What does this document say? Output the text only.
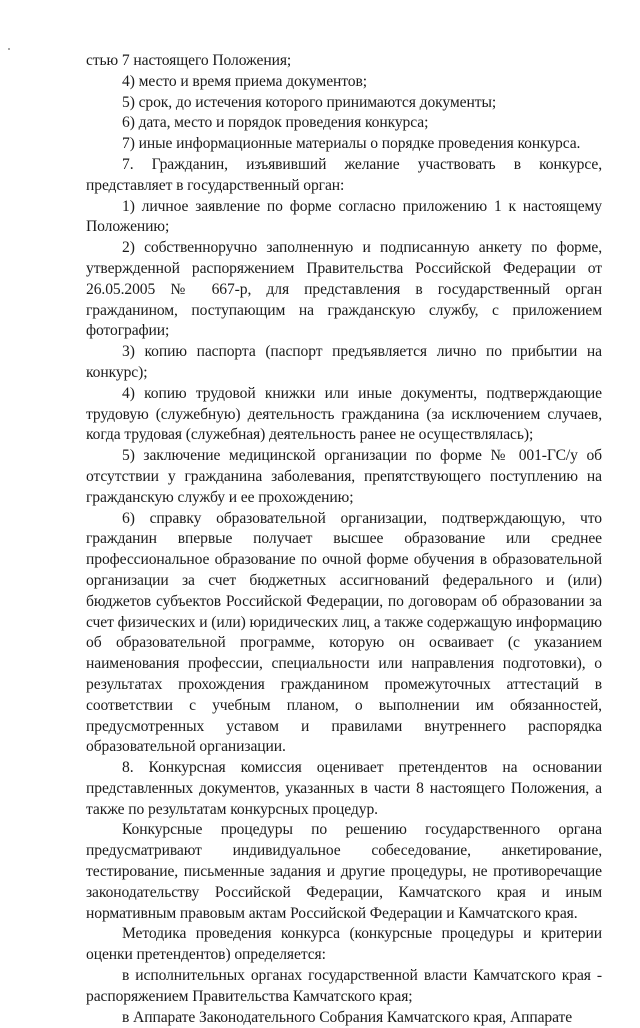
стью 7 настоящего Положения;

4) место и время приема документов;

5) срок, до истечения которого принимаются документы;

6) дата, место и порядок проведения конкурса;

7) иные информационные материалы о порядке проведения конкурса.

7. Гражданин, изъявивший желание участвовать в конкурсе, представляет в государственный орган:

1) личное заявление по форме согласно приложению 1 к настоящему Положению;

2) собственноручно заполненную и подписанную анкету по форме, утвержденной распоряжением Правительства Российской Федерации от 26.05.2005 № 667-р, для представления в государственный орган гражданином, поступающим на гражданскую службу, с приложением фотографии;

3) копию паспорта (паспорт предъявляется лично по прибытии на конкурс);

4) копию трудовой книжки или иные документы, подтверждающие трудовую (служебную) деятельность гражданина (за исключением случаев, когда трудовая (служебная) деятельность ранее не осуществлялась);

5) заключение медицинской организации по форме № 001-ГС/у об отсутствии у гражданина заболевания, препятствующего поступлению на гражданскую службу и ее прохождению;

6) справку образовательной организации, подтверждающую, что гражданин впервые получает высшее образование или среднее профессиональное образование по очной форме обучения в образовательной организации за счет бюджетных ассигнований федерального и (или) бюджетов субъектов Российской Федерации, по договорам об образовании за счет физических и (или) юридических лиц, а также содержащую информацию об образовательной программе, которую он осваивает (с указанием наименования профессии, специальности или направления подготовки), о результатах прохождения гражданином промежуточных аттестаций в соответствии с учебным планом, о выполнении им обязанностей, предусмотренных уставом и правилами внутреннего распорядка образовательной организации.

8. Конкурсная комиссия оценивает претендентов на основании представленных документов, указанных в части 8 настоящего Положения, а также по результатам конкурсных процедур.

Конкурсные процедуры по решению государственного органа предусматривают индивидуальное собеседование, анкетирование, тестирование, письменные задания и другие процедуры, не противоречащие законодательству Российской Федерации, Камчатского края и иным нормативным правовым актам Российской Федерации и Камчатского края.

Методика проведения конкурса (конкурсные процедуры и критерии оценки претендентов) определяется:

в исполнительных органах государственной власти Камчатского края - распоряжением Правительства Камчатского края;

в Аппарате Законодательного Собрания Камчатского края, Аппарате
